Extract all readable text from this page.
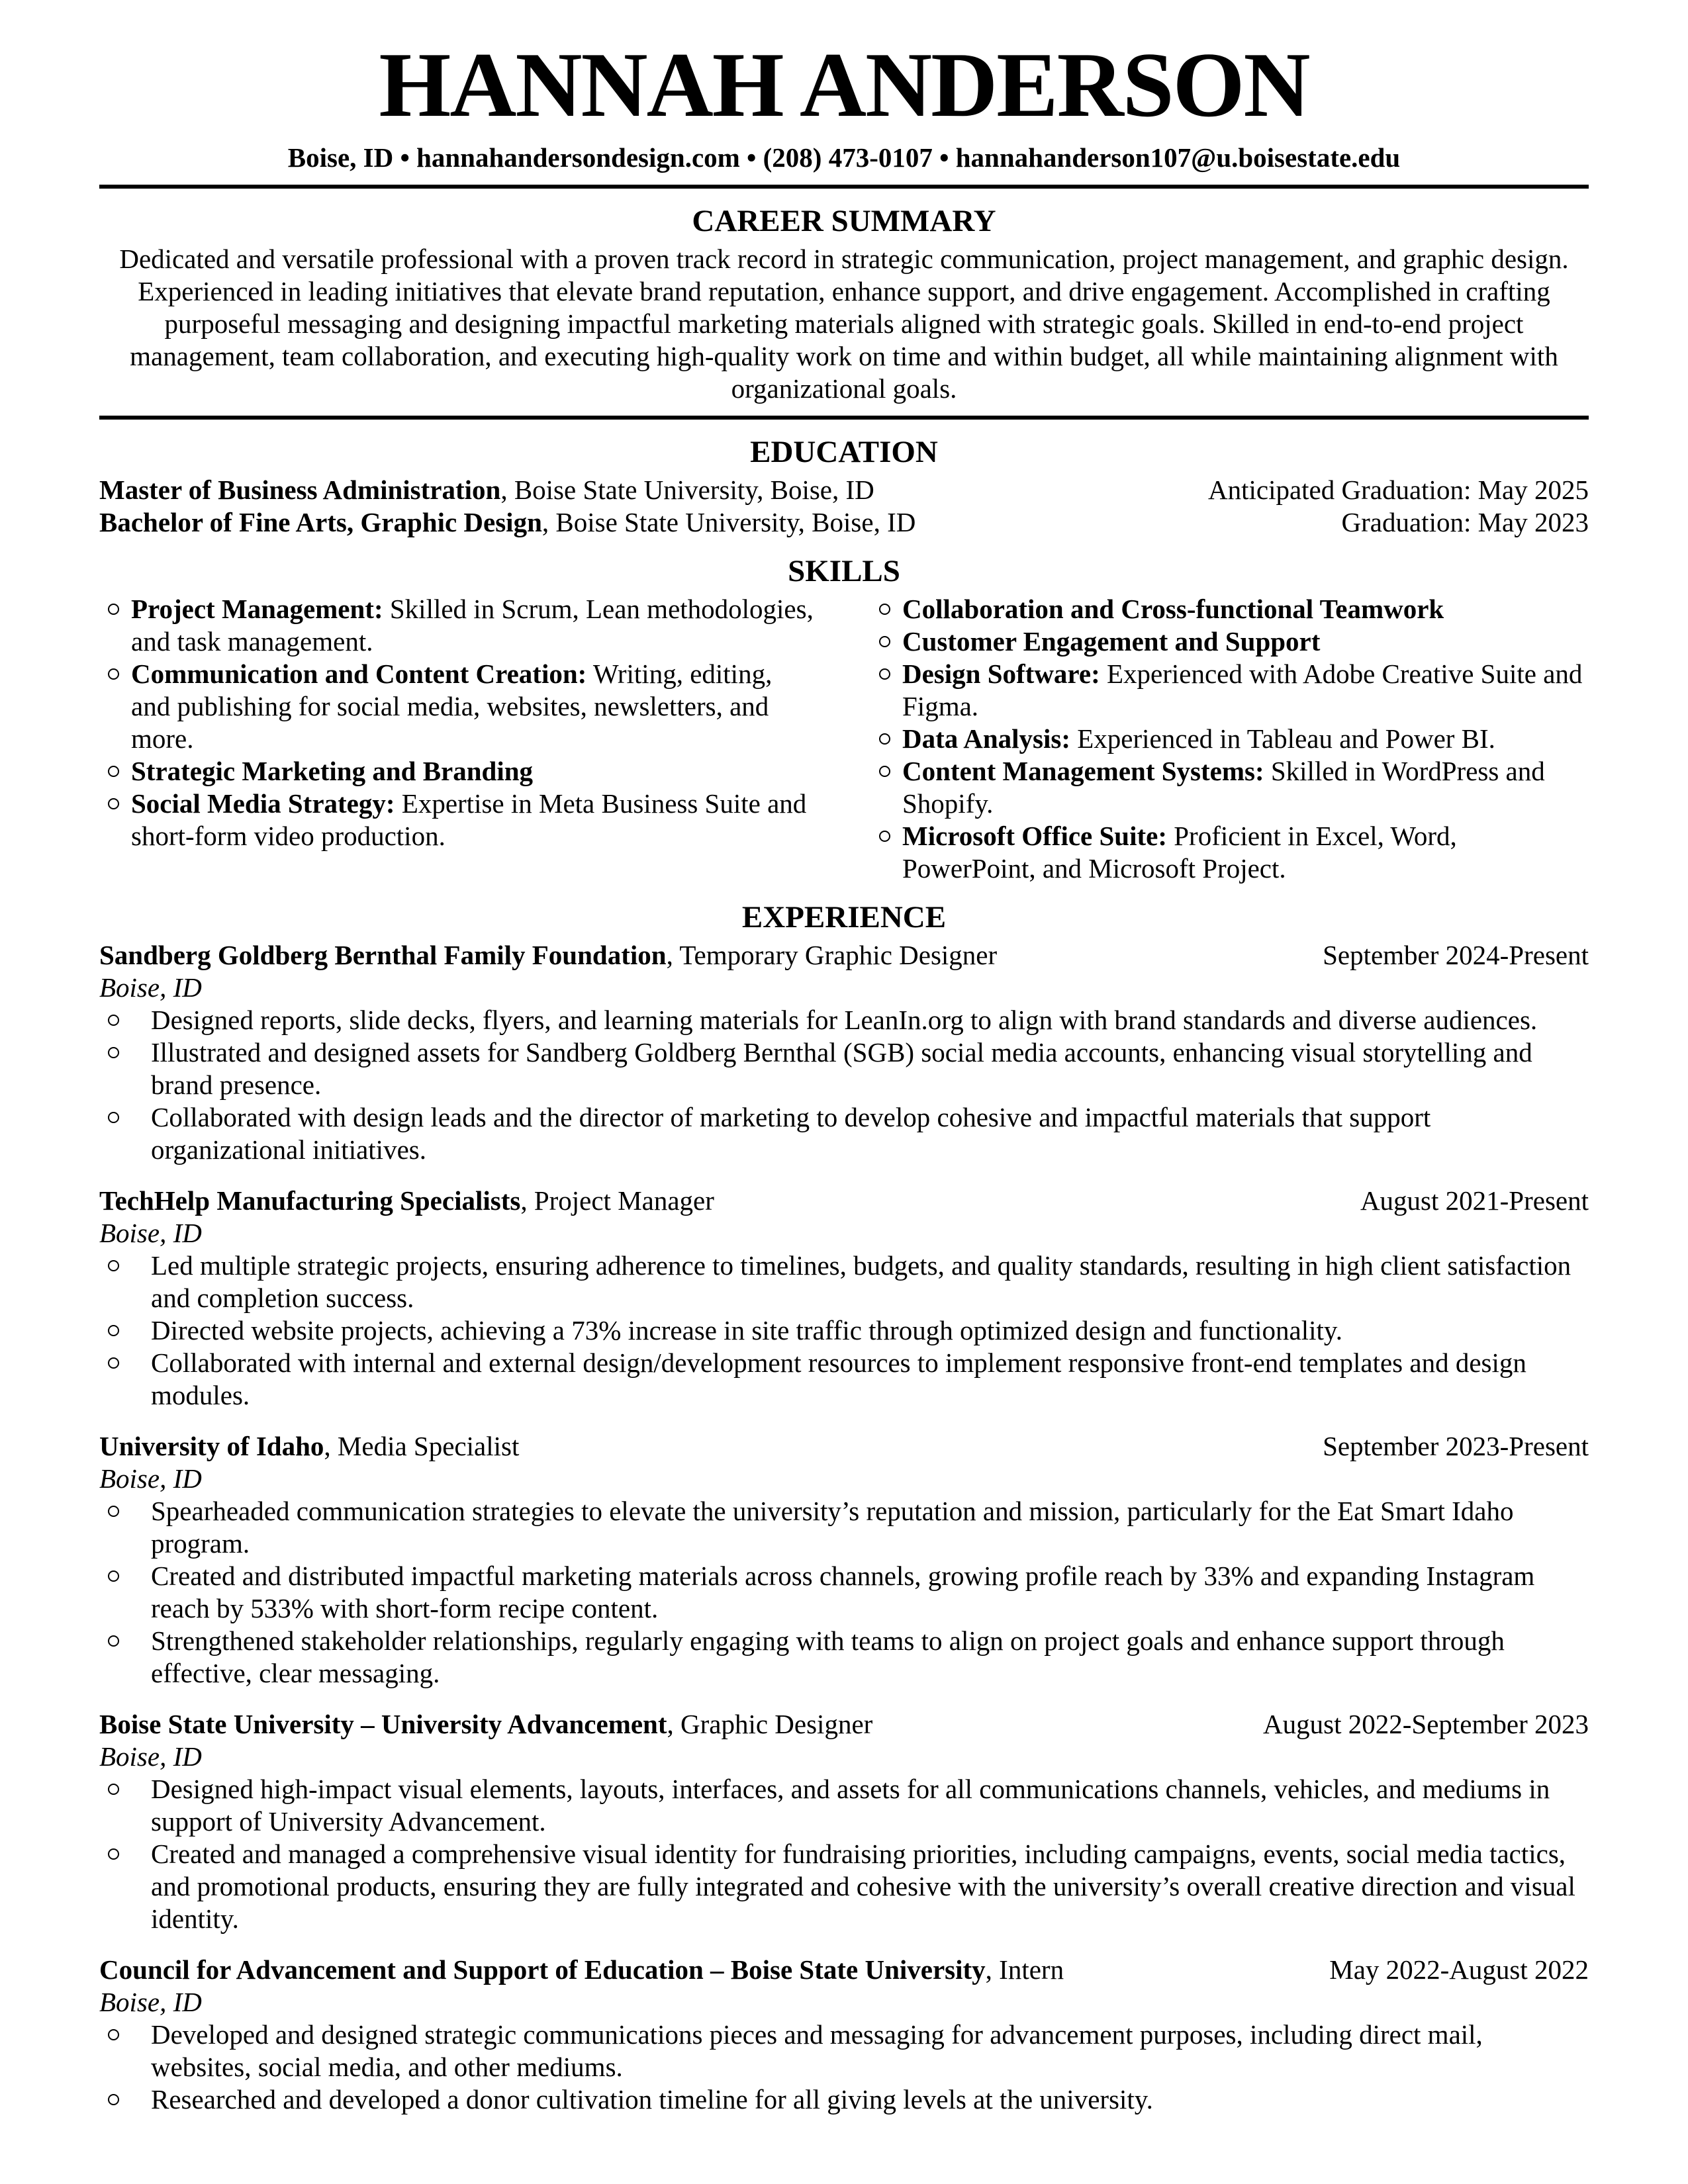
HANNAH ANDERSON
Boise, ID • hannahandersondesign.com • (208) 473-0107 • hannahanderson107@u.boisestate.edu
CAREER SUMMARY

Dedicated and versatile professional with a proven track record in strategic communication, project management, and graphic design. Experienced in leading initiatives that elevate brand reputation, enhance support, and drive engagement. Accomplished in crafting purposeful messaging and designing impactful marketing materials aligned with strategic goals. Skilled in end-to-end project management, team collaboration, and executing high-quality work on time and within budget, all while maintaining alignment with organizational goals.

EDUCATION
Master of Business Administration, Boise State University, Boise, ID	Anticipated Graduation: May 2025
Bachelor of Fine Arts, Graphic Design, Boise State University, Boise, ID	Graduation: May 2023
SKILLS
Project Management: Skilled in Scrum, Lean methodologies, and task management.
Communication and Content Creation: Writing, editing, and publishing for social media, websites, newsletters, and more.
Strategic Marketing and Branding
Social Media Strategy: Expertise in Meta Business Suite and short-form video production.
Collaboration and Cross-functional Teamwork
Customer Engagement and Support
Design Software: Experienced with Adobe Creative Suite and Figma.
Data Analysis: Experienced in Tableau and Power BI.
Content Management Systems: Skilled in WordPress and Shopify.
Microsoft Office Suite: Proficient in Excel, Word, PowerPoint, and Microsoft Project.
EXPERIENCE
Sandberg Goldberg Bernthal Family Foundation, Temporary Graphic Designer	September 2024-Present
Boise, ID
Designed reports, slide decks, flyers, and learning materials for LeanIn.org to align with brand standards and diverse audiences.
Illustrated and designed assets for Sandberg Goldberg Bernthal (SGB) social media accounts, enhancing visual storytelling and brand presence.
Collaborated with design leads and the director of marketing to develop cohesive and impactful materials that support organizational initiatives.
TechHelp Manufacturing Specialists, Project Manager	August 2021-Present
Boise, ID
Led multiple strategic projects, ensuring adherence to timelines, budgets, and quality standards, resulting in high client satisfaction and completion success.
Directed website projects, achieving a 73% increase in site traffic through optimized design and functionality.
Collaborated with internal and external design/development resources to implement responsive front-end templates and design modules.
University of Idaho, Media Specialist	September 2023-Present
Boise, ID
Spearheaded communication strategies to elevate the university’s reputation and mission, particularly for the Eat Smart Idaho program.
Created and distributed impactful marketing materials across channels, growing profile reach by 33% and expanding Instagram reach by 533% with short-form recipe content.
Strengthened stakeholder relationships, regularly engaging with teams to align on project goals and enhance support through effective, clear messaging.
Boise State University – University Advancement, Graphic Designer	August 2022-September 2023
Boise, ID
Designed high-impact visual elements, layouts, interfaces, and assets for all communications channels, vehicles, and mediums in support of University Advancement.
Created and managed a comprehensive visual identity for fundraising priorities, including campaigns, events, social media tactics, and promotional products, ensuring they are fully integrated and cohesive with the university’s overall creative direction and visual identity.
Council for Advancement and Support of Education – Boise State University, Intern	May 2022-August 2022
Boise, ID
Developed and designed strategic communications pieces and messaging for advancement purposes, including direct mail, websites, social media, and other mediums.
Researched and developed a donor cultivation timeline for all giving levels at the university.
